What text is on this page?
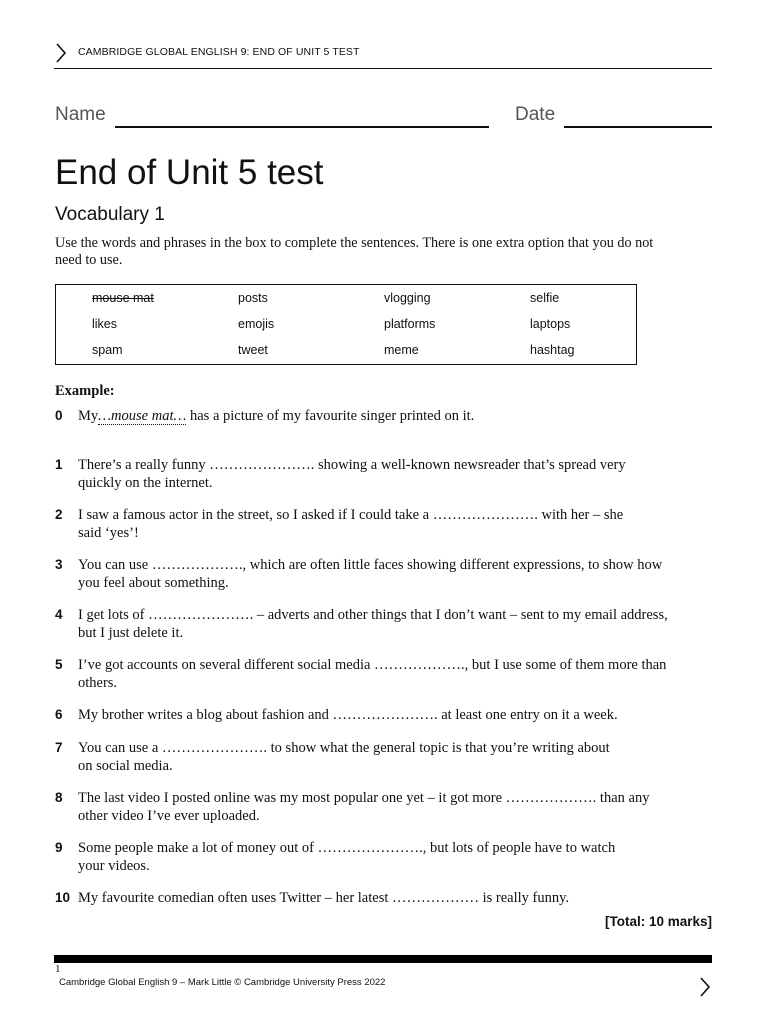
CAMBRIDGE GLOBAL ENGLISH 9: END OF UNIT 5 TEST
Name	Date
End of Unit 5 test
Vocabulary 1
Use the words and phrases in the box to complete the sentences. There is one extra option that you do not need to use.
mouse mat	posts	vlogging	selfie
likes	emojis	platforms	laptops
spam	tweet	meme	hashtag
Example:
0 My…mouse mat… has a picture of my favourite singer printed on it.
1 There’s a really funny …………………. showing a well-known newsreader that’s spread very
quickly on the internet.
2 I saw a famous actor in the street, so I asked if I could take a …………………. with her – she
said ‘yes’!
3 You can use ………………., which are often little faces showing different expressions, to show how
you feel about something.
4 I get lots of …………………. – adverts and other things that I don’t want – sent to my email address,
but I just delete it.
5 I’ve got accounts on several different social media ………………., but I use some of them more than
others.
6 My brother writes a blog about fashion and …………………. at least one entry on it a week.
7 You can use a …………………. to show what the general topic is that you’re writing about
on social media.
8 The last video I posted online was my most popular one yet – it got more ………………. than any
other video I’ve ever uploaded.
9 Some people make a lot of money out of …………………., but lots of people have to watch
your videos.
10 My favourite comedian often uses Twitter – her latest ……………… is really funny.
[Total: 10 marks]
1
Cambridge Global English 9 – Mark Little © Cambridge University Press 2022
